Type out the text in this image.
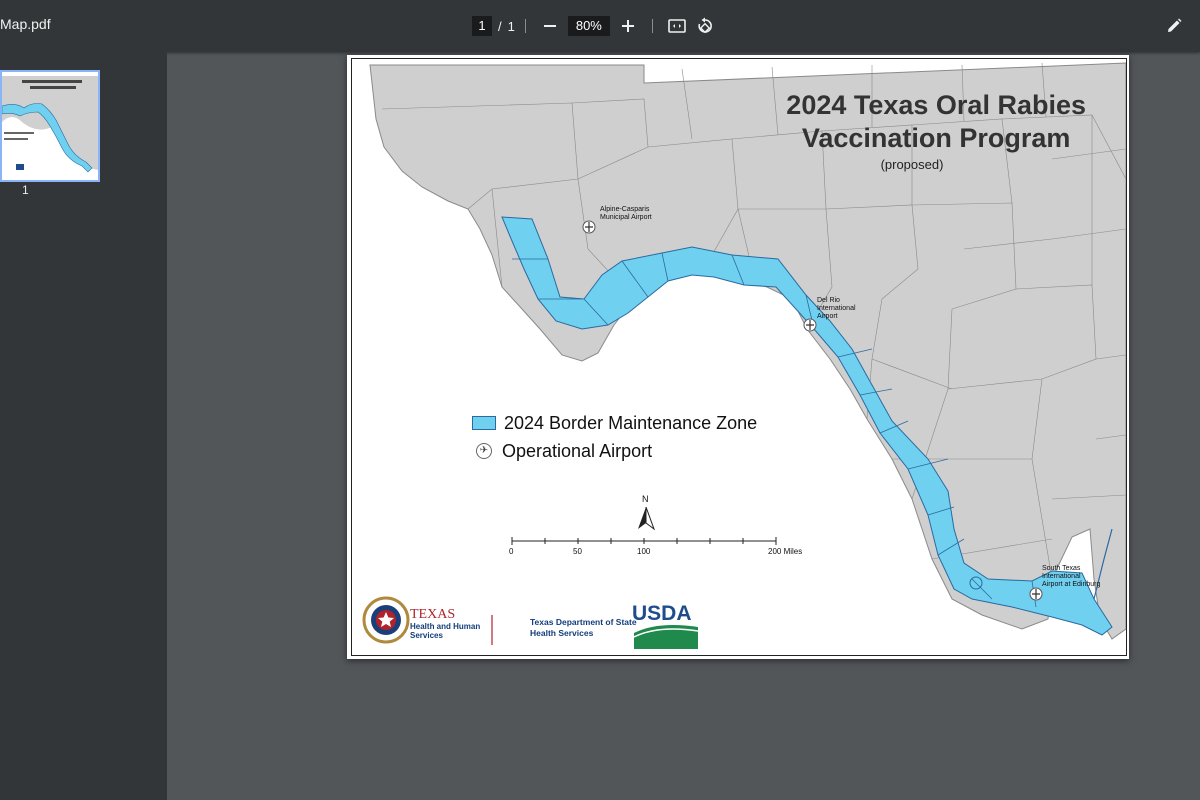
Map.pdf	1 / 1	80%
1
2024 Texas Oral Rabies
Vaccination Program
(proposed)
2024 Border Maintenance Zone
✈ Operational Airport
Alpine-Casparis
Municipal Airport
Del Rio
International
Airport
South Texas
International
Airport at Edinburg
N
0	50	100	200 Miles
TEXAS
Health and Human
Services
Texas Department of State
Health Services
USDA
